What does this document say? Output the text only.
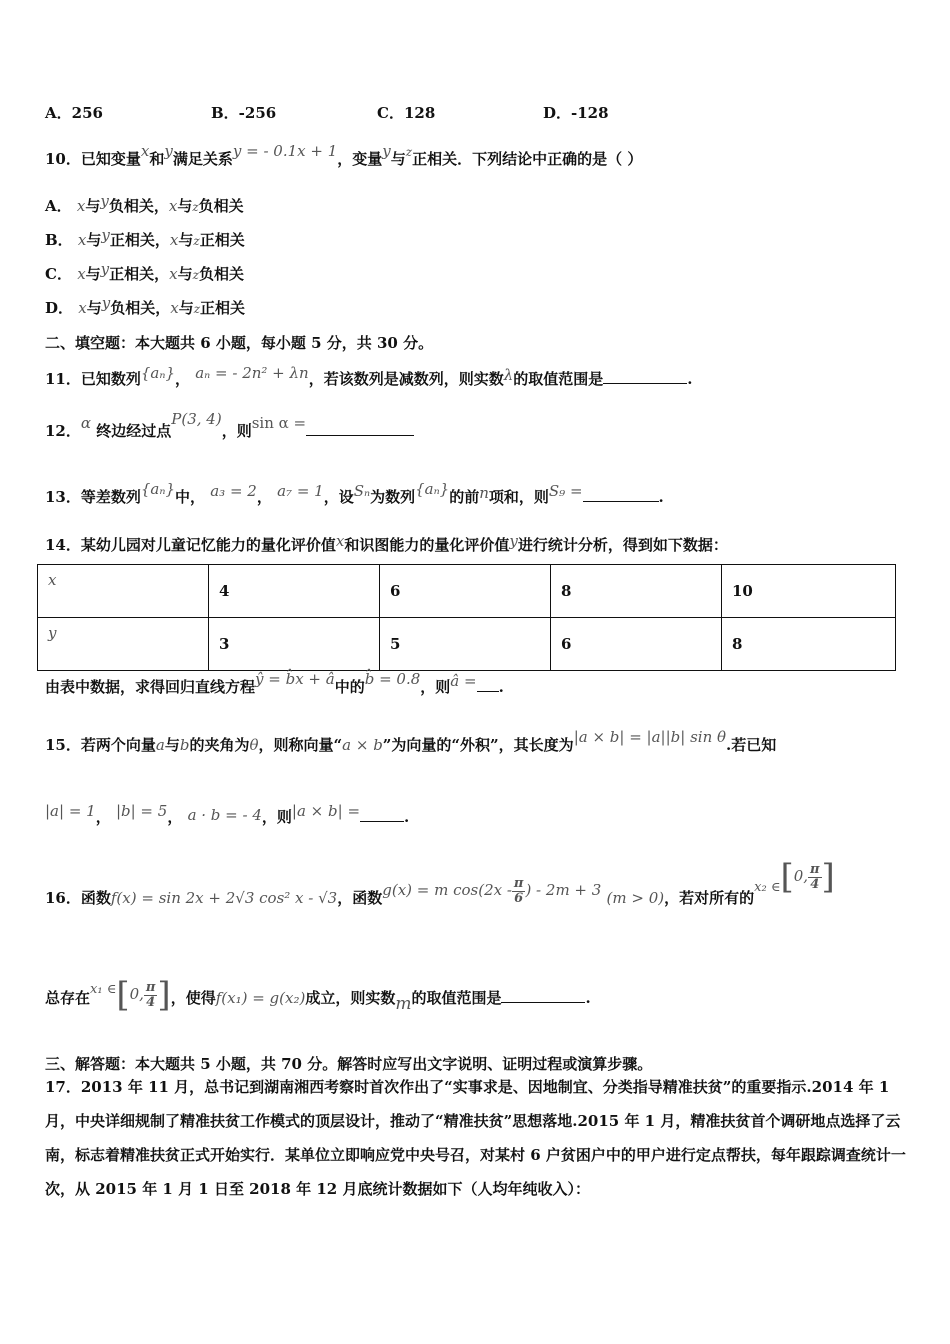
A．256	B．-256	C．128	D．-128
10．已知变量x和y满足关系y = - 0.1x + 1，变量y与$^z$正相关．下列结论中正确的是（ ）
A． x与y负相关，x与z负相关
B． x与y正相关，x与z正相关
C． x与y正相关，x与z负相关
D． x与y负相关，x与z正相关
二、填空题：本大题共 6 小题，每小题 5 分，共 30 分。
11．已知数列{aₙ}， aₙ = - 2n² + λn，若该数列是减数列，则实数λ的取值范围是	.
12．α 终边经过点P(3, 4)，则sin α =
13．等差数列{aₙ}中， a₃ = 2， a₇ = 1，设Sₙ为数列{aₙ}的前n项和，则S₉ =	.
14．某幼儿园对儿童记忆能力的量化评价值x和识图能力的量化评价值y进行统计分析，得到如下数据：
x	4	6	8	10
y	3	5	6	8
由表中数据，求得回归直线方程ŷ = b̂x + â中的b̂ = 0.8，则â = .
15．若两个向量a与b的夹角为θ，则称向量“a × b”为向量的“外积”，其长度为|a × b| = |a||b| sin θ.若已知
|a| = 1， |b| = 5， a · b = - 4，则|a × b| =	.
16．函数f(x) = sin 2x + 2√3 cos² x - √3，函数g(x) = m $\cos(2x - \frac{\pi}{6}$ ) - 2m + 3 (m > 0)，若对所有的x₂ ∈[0, $\frac{\pi}{4}$ ]
总存在x₁ ∈[0, $\frac{\pi}{4}$ ]，使得f(x₁) = g(x₂)成立，则实数m的取值范围是	.
三、解答题：本大题共 5 小题，共 70 分。解答时应写出文字说明、证明过程或演算步骤。
17．2013 年 11 月，总书记到湖南湘西考察时首次作出了“实事求是、因地制宜、分类指导精准扶贫”的重要指示.2014 年 1 月，中央详细规制了精准扶贫工作模式的顶层设计，推动了“精准扶贫”思想落地.2015 年 1 月，精准扶贫首个调研地点选择了云南，标志着精准扶贫正式开始实行．某单位立即响应党中央号召，对某村 6 户贫困户中的甲户进行定点帮扶，每年跟踪调查统计一次，从 2015 年 1 月 1 日至 2018 年 12 月底统计数据如下（人均年纯收入）：
